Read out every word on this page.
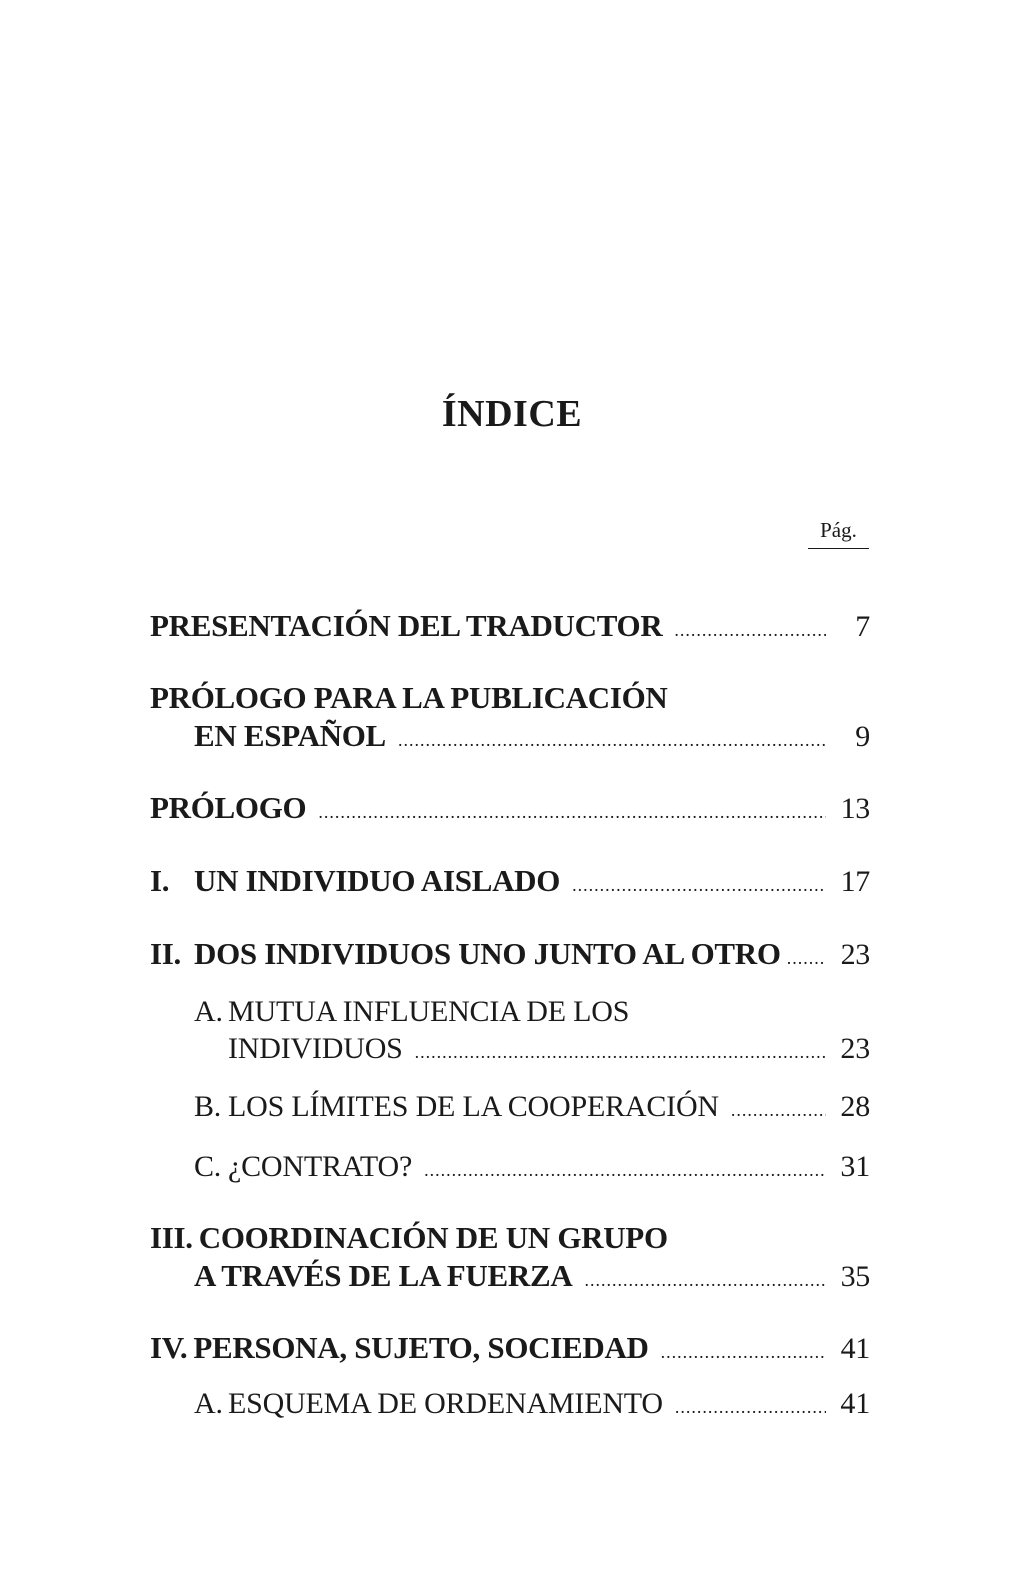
ÍNDICE
Pág.
PRESENTACIÓN DEL TRADUCTOR .....	7
PRÓLOGO PARA LA PUBLICACIÓN
EN ESPAÑOL .....	9
PRÓLOGO .....	13
I. UN INDIVIDUO AISLADO .....	17
II. DOS INDIVIDUOS UNO JUNTO AL OTRO ..... 23
A. MUTUA INFLUENCIA DE LOS
INDIVIDUOS .....	23
B. LOS LÍMITES DE LA COOPERACIÓN .....	28
C. ¿CONTRATO? .....	31
III. COORDINACIÓN DE UN GRUPO
A TRAVÉS DE LA FUERZA .....	35
IV. PERSONA, SUJETO, SOCIEDAD .....	41
A. ESQUEMA DE ORDENAMIENTO .....	41
